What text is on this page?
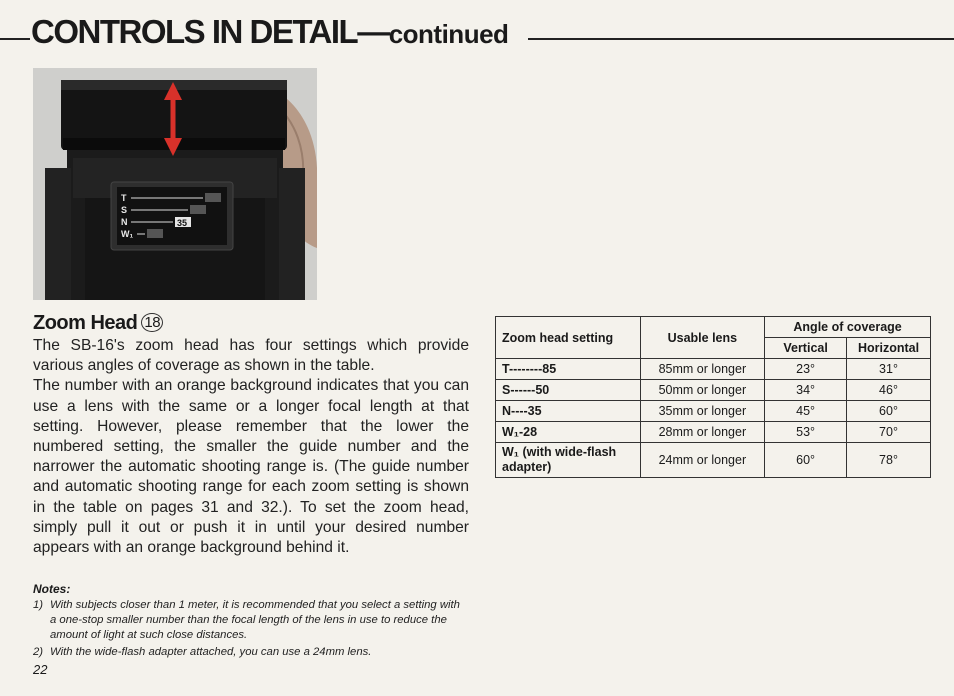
CONTROLS IN DETAIL—continued
T
S
N
W₁
35
Zoom Head 18

The SB-16's zoom head has four settings which provide various angles of coverage as shown in the table.

The number with an orange background indicates that you can use a lens with the same or a longer focal length at that setting. However, please remember that the lower the numbered setting, the smaller the guide number and the narrower the automatic shooting range is. (The guide number and automatic shooting range for each zoom setting is shown in the table on pages 31 and 32.). To set the zoom head, simply pull it out or push it in until your desired number appears with an orange background behind it.

Notes:
1) With subjects closer than 1 meter, it is recommended that you select a setting with a one-stop smaller number than the focal length of the lens in use to reduce the amount of light at such close distances.
2) With the wide-flash adapter attached, you can use a 24mm lens.
22
Zoom head setting	Usable lens	Angle of coverage	
		Vertical	Horizontal
T--------85	85mm or longer	23°	31°
S------50	50mm or longer	34°	46°
N----35	35mm or longer	45°	60°
W₁-28	28mm or longer	53°	70°
W₁ (with wide-flash adapter)	24mm or longer	60°	78°
